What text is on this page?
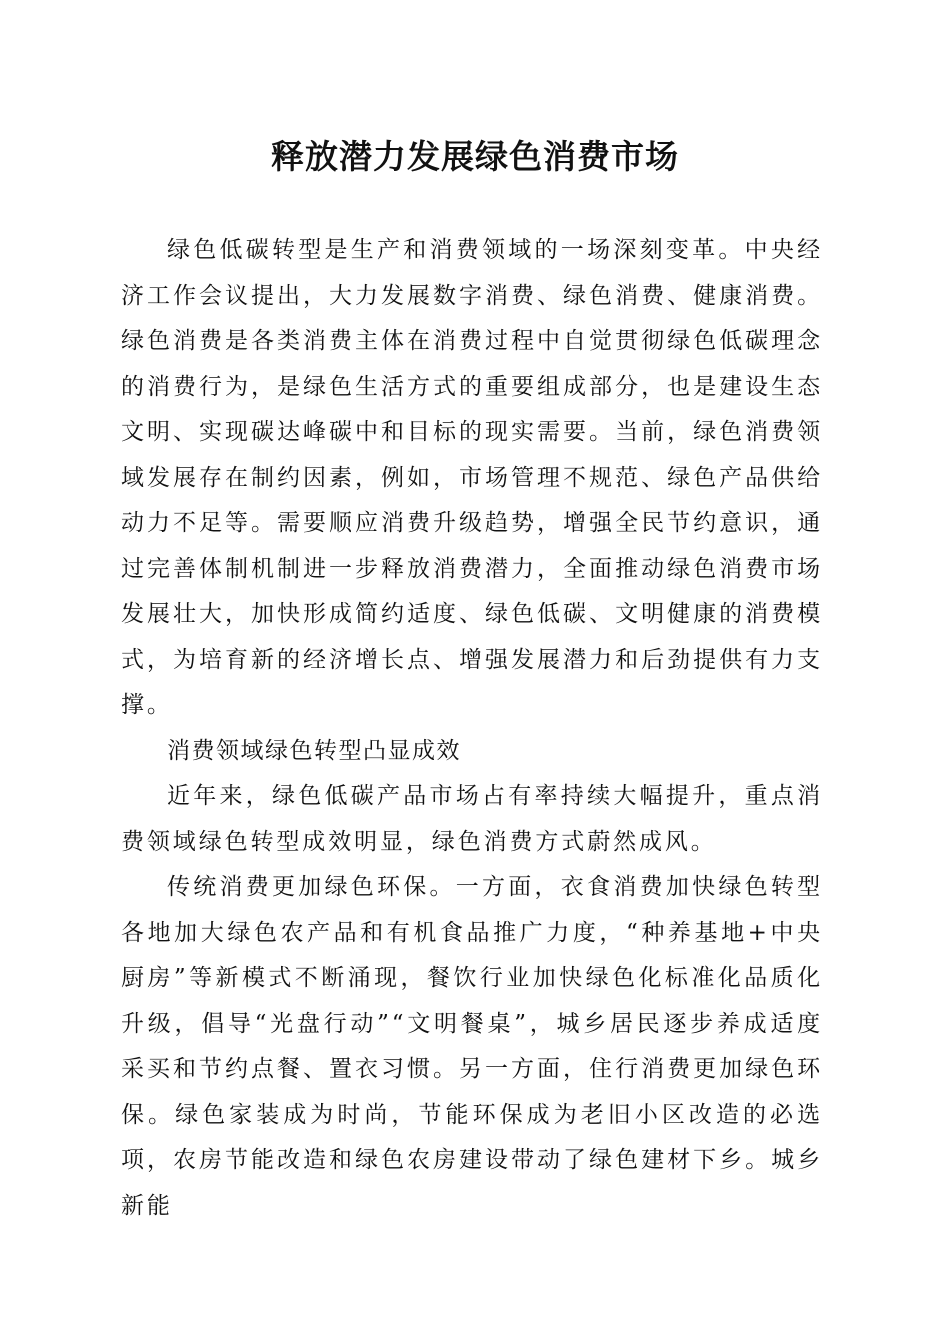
释放潜力发展绿色消费市场

绿色低碳转型是生产和消费领域的一场深刻变革。中央经济工作会议提出，大力发展数字消费、绿色消费、健康消费。绿色消费是各类消费主体在消费过程中自觉贯彻绿色低碳理念的消费行为，是绿色生活方式的重要组成部分，也是建设生态文明、实现碳达峰碳中和目标的现实需要。当前，绿色消费领域发展存在制约因素，例如，市场管理不规范、绿色产品供给动力不足等。需要顺应消费升级趋势，增强全民节约意识，通过完善体制机制进一步释放消费潜力，全面推动绿色消费市场发展壮大，加快形成简约适度、绿色低碳、文明健康的消费模式，为培育新的经济增长点、增强发展潜力和后劲提供有力支撑。

消费领域绿色转型凸显成效

近年来，绿色低碳产品市场占有率持续大幅提升，重点消费领域绿色转型成效明显，绿色消费方式蔚然成风。

传统消费更加绿色环保。一方面，衣食消费加快绿色转型各地加大绿色农产品和有机食品推广力度，“种养基地+中央厨房”等新模式不断涌现，餐饮行业加快绿色化标准化品质化升级，倡导“光盘行动”“文明餐桌”，城乡居民逐步养成适度采买和节约点餐、置衣习惯。另一方面，住行消费更加绿色环保。绿色家装成为时尚，节能环保成为老旧小区改造的必选项，农房节能改造和绿色农房建设带动了绿色建材下乡。城乡新能
